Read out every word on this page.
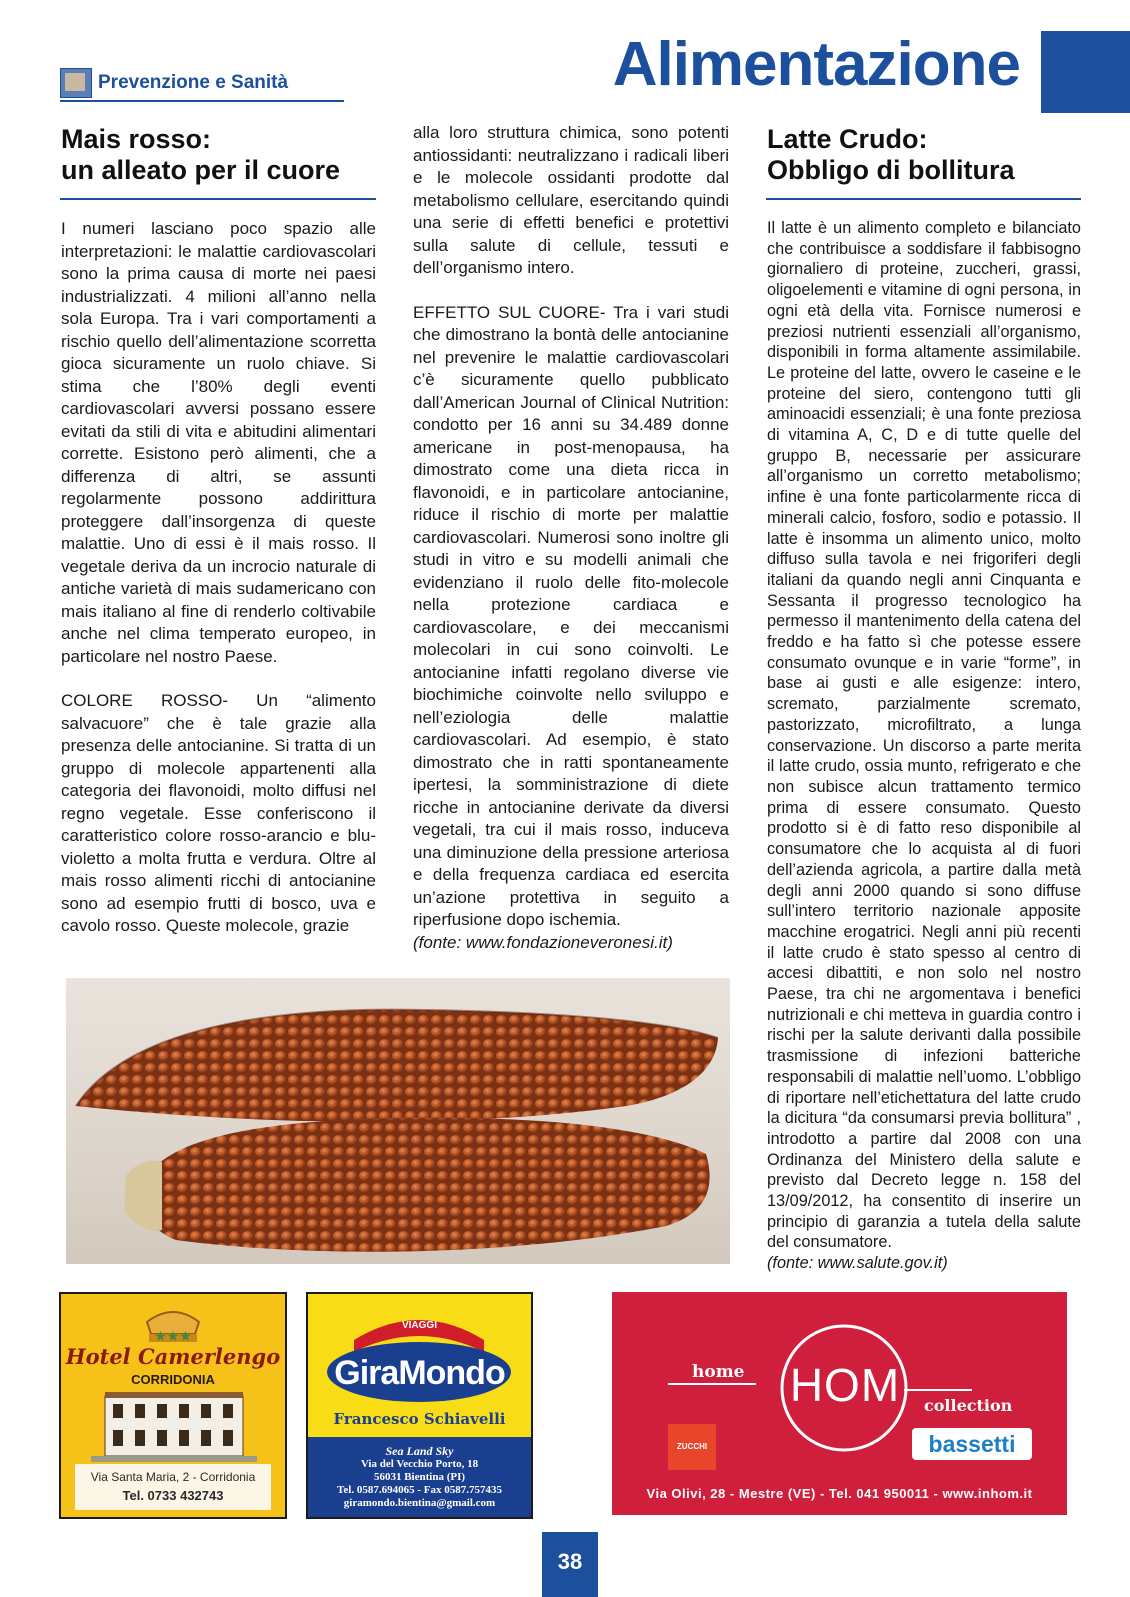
Prevenzione e Sanità	Alimentazione
Mais rosso:
un alleato per il cuore

I numeri lasciano poco spazio alle interpretazioni: le malattie cardiovascolari sono la prima causa di morte nei paesi industrializzati. 4 milioni all’anno nella sola Europa. Tra i vari comportamenti a rischio quello dell’alimentazione scorretta gioca sicuramente un ruolo chiave. Si stima che l’80% degli eventi cardiovascolari avversi possano essere evitati da stili di vita e abitudini alimentari corrette. Esistono però alimenti, che a differenza di altri, se assunti regolarmente possono addirittura proteggere dall’insorgenza di queste malattie. Uno di essi è il mais rosso. Il vegetale deriva da un incrocio naturale di antiche varietà di mais sudamericano con mais italiano al fine di renderlo coltivabile anche nel clima temperato europeo, in particolare nel nostro Paese.

COLORE ROSSO- Un “alimento salvacuore” che è tale grazie alla presenza delle antocianine. Si tratta di un gruppo di molecole appartenenti alla categoria dei flavonoidi, molto diffusi nel regno vegetale. Esse conferiscono il caratteristico colore rosso-arancio e blu-violetto a molta frutta e verdura. Oltre al mais rosso alimenti ricchi di antocianine sono ad esempio frutti di bosco, uva e cavolo rosso. Queste molecole, grazie

alla loro struttura chimica, sono potenti antiossidanti: neutralizzano i radicali liberi e le molecole ossidanti prodotte dal metabolismo cellulare, esercitando quindi una serie di effetti benefici e protettivi sulla salute di cellule, tessuti e dell’organismo intero.

EFFETTO SUL CUORE- Tra i vari studi che dimostrano la bontà delle antocianine nel prevenire le malattie cardiovascolari c’è sicuramente quello pubblicato dall’American Journal of Clinical Nutrition: condotto per 16 anni su 34.489 donne americane in post-menopausa, ha dimostrato come una dieta ricca in flavonoidi, e in particolare antocianine, riduce il rischio di morte per malattie cardiovascolari. Numerosi sono inoltre gli studi in vitro e su modelli animali che evidenziano il ruolo delle fito-molecole nella protezione cardiaca e cardiovascolare, e dei meccanismi molecolari in cui sono coinvolti. Le antocianine infatti regolano diverse vie biochimiche coinvolte nello sviluppo e nell’eziologia delle malattie cardiovascolari. Ad esempio, è stato dimostrato che in ratti spontaneamente ipertesi, la somministrazione di diete ricche in antocianine derivate da diversi vegetali, tra cui il mais rosso, induceva una diminuzione della pressione arteriosa e della frequenza cardiaca ed esercita un’azione protettiva in seguito a riperfusione dopo ischemia.

(fonte: www.fondazioneveronesi.it)

Latte Crudo:
Obbligo di bollitura

Il latte è un alimento completo e bilanciato che contribuisce a soddisfare il fabbisogno giornaliero di proteine, zuccheri, grassi, oligoelementi e vitamine di ogni persona, in ogni età della vita. Fornisce numerosi e preziosi nutrienti essenziali all’organismo, disponibili in forma altamente assimilabile. Le proteine del latte, ovvero le caseine e le proteine del siero, contengono tutti gli aminoacidi essenziali; è una fonte preziosa di vitamina A, C, D e di tutte quelle del gruppo B, necessarie per assicurare all’organismo un corretto metabolismo; infine è una fonte particolarmente ricca di minerali calcio, fosforo, sodio e potassio. Il latte è insomma un alimento unico, molto diffuso sulla tavola e nei frigoriferi degli italiani da quando negli anni Cinquanta e Sessanta il progresso tecnologico ha permesso il mantenimento della catena del freddo e ha fatto sì che potesse essere consumato ovunque e in varie “forme”, in base ai gusti e alle esigenze: intero, scremato, parzialmente scremato, pastorizzato, microfiltrato, a lunga conservazione. Un discorso a parte merita il latte crudo, ossia munto, refrigerato e che non subisce alcun trattamento termico prima di essere consumato. Questo prodotto si è di fatto reso disponibile al consumatore che lo acquista al di fuori dell’azienda agricola, a partire dalla metà degli anni 2000 quando si sono diffuse sull’intero territorio nazionale apposite macchine erogatrici. Negli anni più recenti il latte crudo è stato spesso al centro di accesi dibattiti, e non solo nel nostro Paese, tra chi ne argomentava i benefici nutrizionali e chi metteva in guardia contro i rischi per la salute derivanti dalla possibile trasmissione di infezioni batteriche responsabili di malattie nell’uomo. L’obbligo di riportare nell’etichettatura del latte crudo la dicitura “da consumarsi previa bollitura” , introdotto a partire dal 2008 con una Ordinanza del Ministero della salute e previsto dal Decreto legge n. 158 del 13/09/2012, ha consentito di inserire un principio di garanzia a tutela della salute del consumatore.

(fonte: www.salute.gov.it)

★★★
Hotel Camerlengo
CORRIDONIA
Via Santa Maria, 2 - Corridonia
Tel. 0733 432743
VIAGGI
GiraMondo
Francesco Schiavelli
Sea Land Sky
Via del Vecchio Porto, 18
56031 Bientina (PI)
Tel. 0587.694065 - Fax 0587.757435
giramondo.bientina@gmail.com
home HOM	collection
ZUCCHI	bassetti
Via Olivi, 28 - Mestre (VE) - Tel. 041 950011 - www.inhom.it
38
